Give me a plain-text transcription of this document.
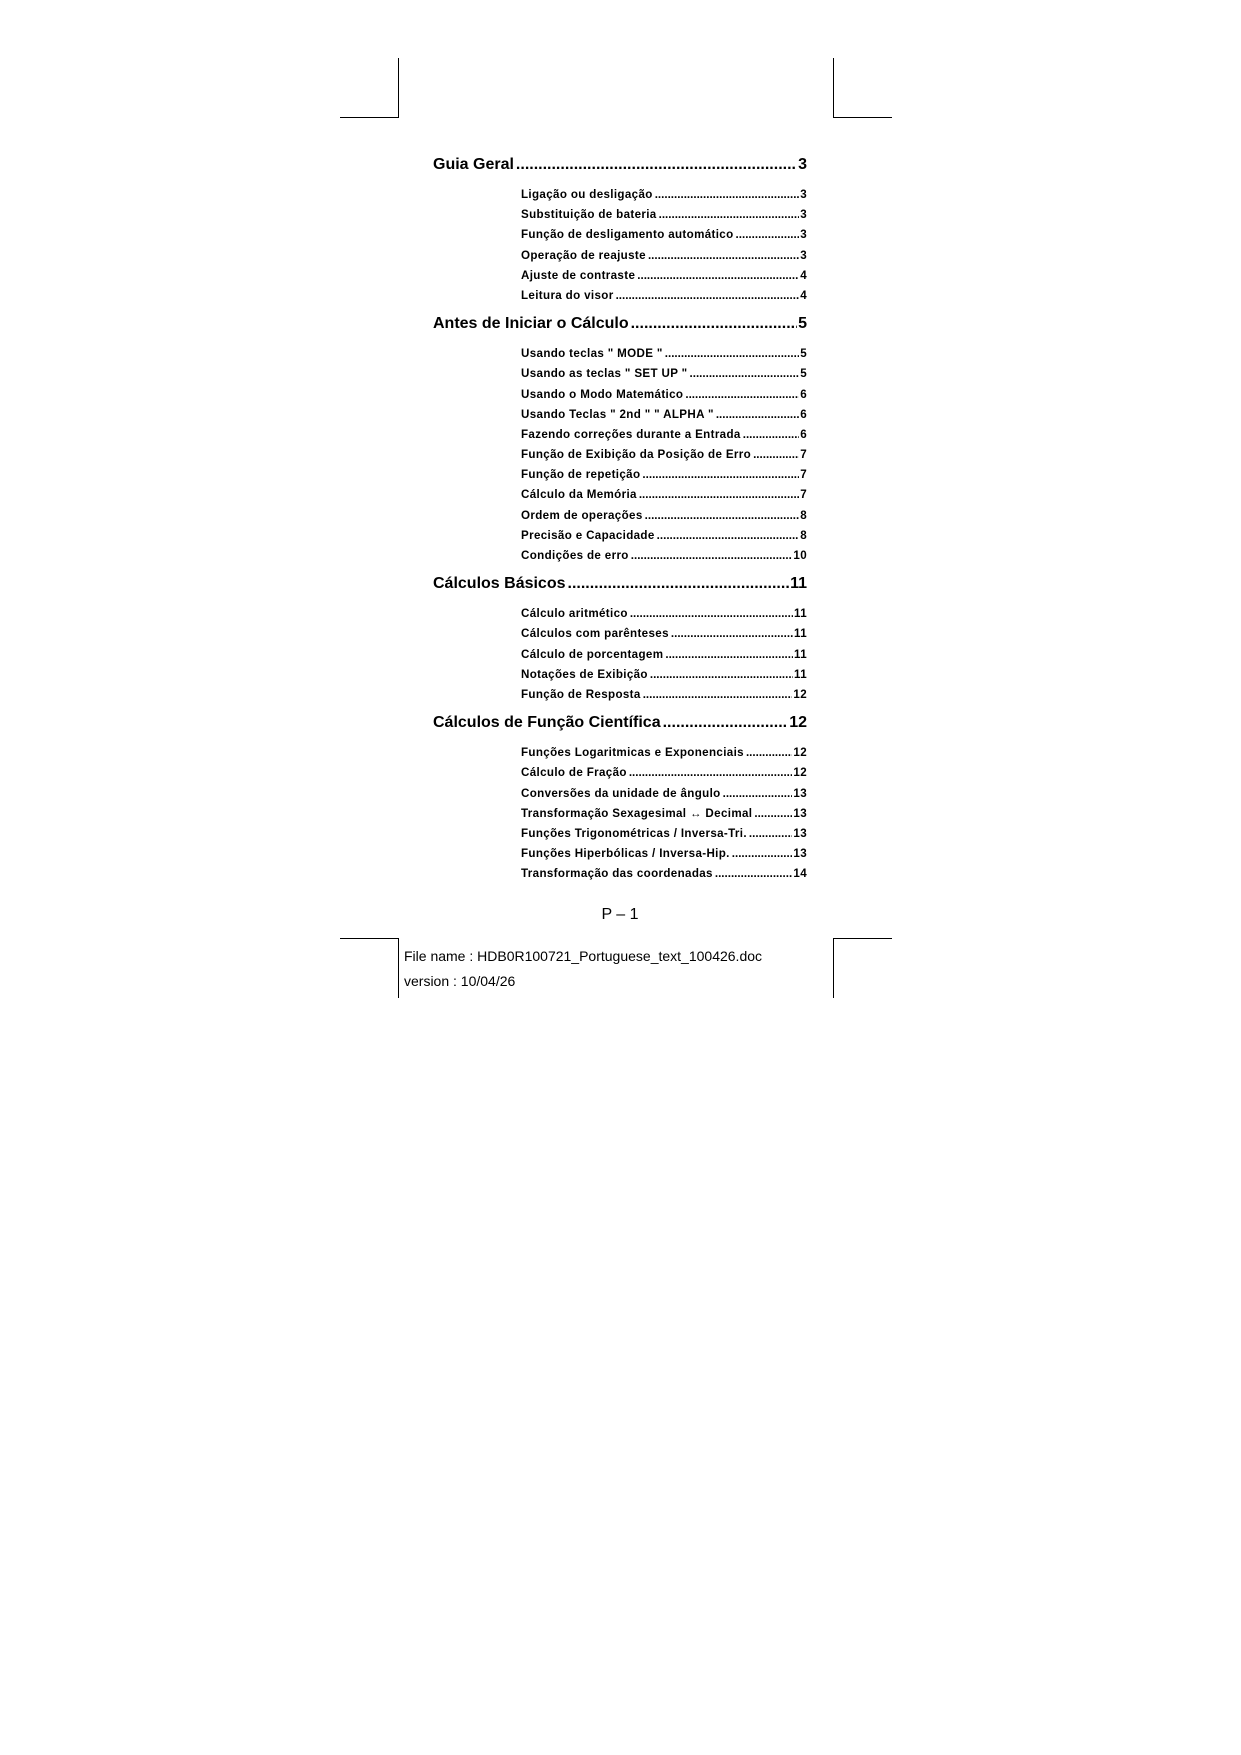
Guia Geral .....	3
Ligação ou desligação .....	3
Substituição de bateria .....	3
Função de desligamento automático .....	3
Operação de reajuste .....	3
Ajuste de contraste .....	4
Leitura do visor .....	4
Antes de Iniciar o Cálculo .....	5
Usando teclas " MODE " .....	5
Usando as teclas " SET UP " .....	5
Usando o Modo Matemático .....	6
Usando Teclas " 2nd " " ALPHA " .....	6
Fazendo correções durante a Entrada .....	6
Função de Exibição da Posição de Erro .....	7
Função de repetição .....	7
Cálculo da Memória .....	7
Ordem de operações .....	8
Precisão e Capacidade .....	8
Condições de erro .....	10
Cálculos Básicos .....	11
Cálculo aritmético .....	11
Cálculos com parênteses .....	11
Cálculo de porcentagem .....	11
Notações de Exibição .....	11
Função de Resposta .....	12
Cálculos de Função Científica .....	12
Funções Logaritmicas e Exponenciais .....	12
Cálculo de Fração .....	12
Conversões da unidade de ângulo .....	13
Transformação Sexagesimal ↔ Decimal .....	13
Funções Trigonométricas / Inversa-Tri. .....	13
Funções Hiperbólicas / Inversa-Hip. .....	13
Transformação das coordenadas .....	14
P – 1
File name : HDB0R100721_Portuguese_text_100426.doc
version : 10/04/26
